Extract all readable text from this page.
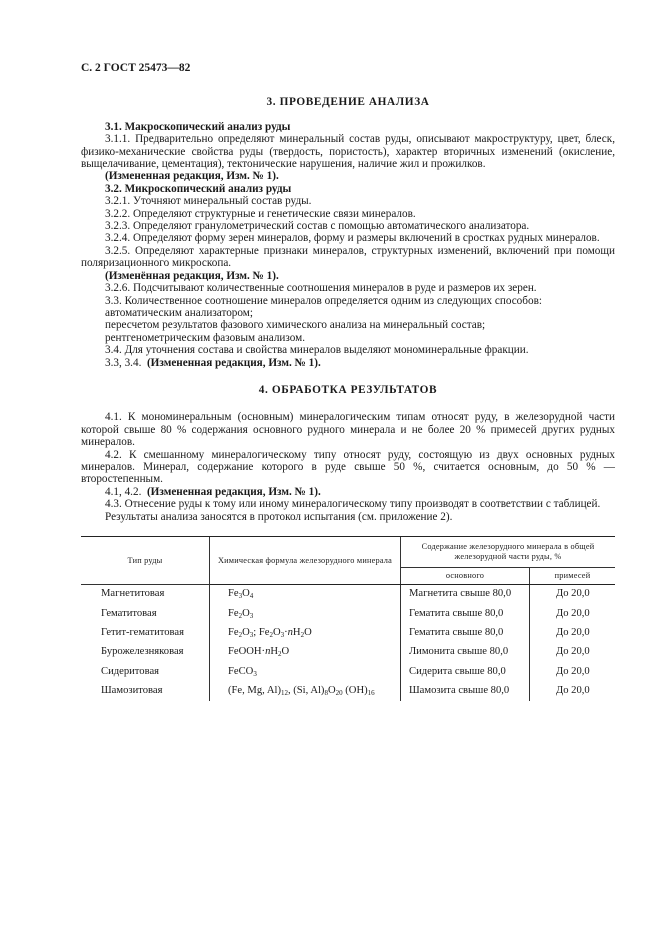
С. 2 ГОСТ 25473—82
3. ПРОВЕДЕНИЕ АНАЛИЗА

3.1. Макроскопический анализ руды

3.1.1. Предварительно определяют минеральный состав руды, описывают макроструктуру, цвет, блеск, физико-механические свойства руды (твердость, пористость), характер вторичных изменений (окисление, выщелачивание, цементация), тектонические нарушения, наличие жил и прожилков.

(Измененная редакция, Изм. № 1).

3.2. Микроскопический анализ руды

3.2.1. Уточняют минеральный состав руды.

3.2.2. Определяют структурные и генетические связи минералов.

3.2.3. Определяют гранулометрический состав с помощью автоматического анализатора.

3.2.4. Определяют форму зерен минералов, форму и размеры включений в сростках рудных минералов.

3.2.5. Определяют характерные признаки минералов, структурных изменений, включений при помощи поляризационного микроскопа.

(Изменённая редакция, Изм. № 1).

3.2.6. Подсчитывают количественные соотношения минералов в руде и размеров их зерен.

3.3. Количественное соотношение минералов определяется одним из следующих способов:

автоматическим анализатором;

пересчетом результатов фазового химического анализа на минеральный состав;

рентгенометрическим фазовым анализом.

3.4. Для уточнения состава и свойства минералов выделяют мономинеральные фракции.

3.3, 3.4. (Измененная редакция, Изм. № 1).

4. ОБРАБОТКА РЕЗУЛЬТАТОВ

4.1. К мономинеральным (основным) минералогическим типам относят руду, в железорудной части которой свыше 80 % содержания основного рудного минерала и не более 20 % примесей других рудных минералов.

4.2. К смешанному минералогическому типу относят руду, состоящую из двух основных рудных минералов. Минерал, содержание которого в руде свыше 50 %, считается основным, до 50 % — второстепенным.

4.1, 4.2. (Измененная редакция, Изм. № 1).

4.3. Отнесение руды к тому или иному минералогическому типу производят в соответствии с таблицей.

Результаты анализа заносятся в протокол испытания (см. приложение 2).

Тип руды	Химическая формула железорудного минерала	Содержание железорудного минерала в общей железорудной части руды, %	
		основного	примесей
Магнетитовая	$Fe_3O_4$	Магнетита свыше 80,0	До 20,0
Гематитовая	$Fe_2O_3$	Гематита свыше 80,0	До 20,0
Гетит-гематитовая	$Fe_2O_3$; $Fe_2O_3\cdot nH_2O$	Гематита свыше 80,0	До 20,0
Бурожелезняковая	$FeOOH\cdot nH_2O$	Лимонита свыше 80,0	До 20,0
Сидеритовая	FeCO$_3$	Сидерита свыше 80,0	До 20,0
Шамозитовая	(Fe, Mg, $Al)_{12}$, (Si, $Al)_8O_{20}$ $(OH)_{16}$	Шамозита свыше 80,0	До 20,0
